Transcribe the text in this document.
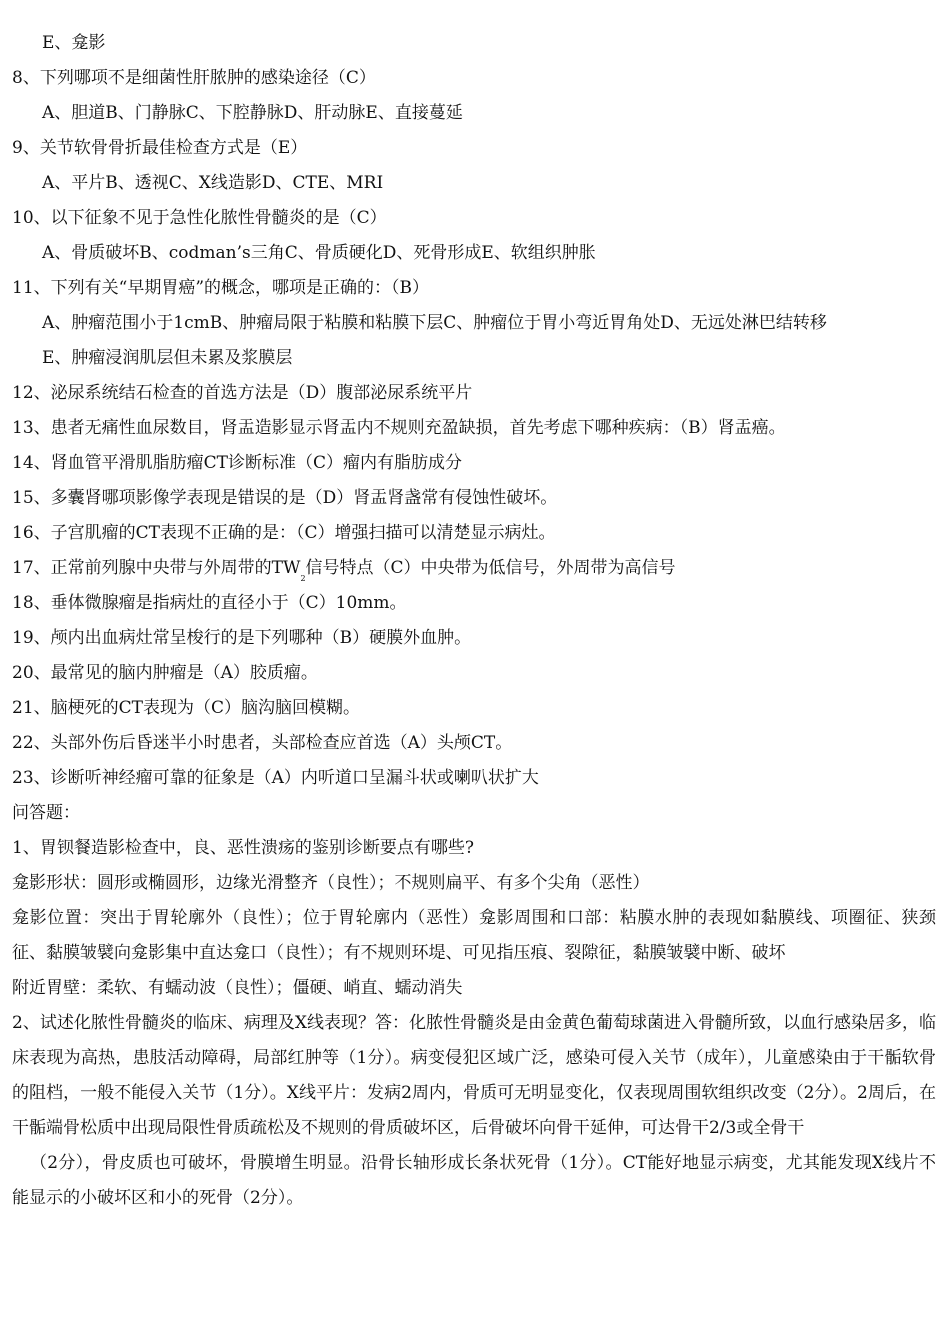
E、龛影
8、下列哪项不是细菌性肝脓肿的感染途径（C）
A、胆道B、门静脉C、下腔静脉D、肝动脉E、直接蔓延
9、关节软骨骨折最佳检查方式是（E）
A、平片B、透视C、X线造影D、CTE、MRI
10、以下征象不见于急性化脓性骨髓炎的是（C）
A、骨质破坏B、codman’s三角C、骨质硬化D、死骨形成E、软组织肿胀
11、下列有关“早期胃癌”的概念，哪项是正确的：（B）
A、肿瘤范围小于1cmB、肿瘤局限于粘膜和粘膜下层C、肿瘤位于胃小弯近胃角处D、无远处淋巴结转移
E、肿瘤浸润肌层但未累及浆膜层
12、泌尿系统结石检查的首选方法是（D）腹部泌尿系统平片
13、患者无痛性血尿数目，肾盂造影显示肾盂内不规则充盈缺损，首先考虑下哪种疾病：（B）肾盂癌。
14、肾血管平滑肌脂肪瘤CT诊断标准（C）瘤内有脂肪成分
15、多囊肾哪项影像学表现是错误的是（D）肾盂肾盏常有侵蚀性破坏。
16、子宫肌瘤的CT表现不正确的是：（C）增强扫描可以清楚显示病灶。
17、正常前列腺中央带与外周带的$TW_2$信号特点（C）中央带为低信号，外周带为高信号
18、垂体微腺瘤是指病灶的直径小于（C）10mm。
19、颅内出血病灶常呈梭行的是下列哪种（B）硬膜外血肿。
20、最常见的脑内肿瘤是（A）胶质瘤。
21、脑梗死的CT表现为（C）脑沟脑回模糊。
22、头部外伤后昏迷半小时患者，头部检查应首选（A）头颅CT。
23、诊断听神经瘤可靠的征象是（A）内听道口呈漏斗状或喇叭状扩大
问答题：
1、胃钡餐造影检查中，良、恶性溃疡的鉴别诊断要点有哪些?
龛影形状：圆形或椭圆形，边缘光滑整齐（良性）；不规则扁平、有多个尖角（恶性）
龛影位置：突出于胃轮廓外（良性）；位于胃轮廓内（恶性）龛影周围和口部：粘膜水肿的表现如黏膜线、项圈征、狭颈征、黏膜皱襞向龛影集中直达龛口（良性）；有不规则环堤、可见指压痕、裂隙征，黏膜皱襞中断、破坏
附近胃壁：柔软、有蠕动波（良性）；僵硬、峭直、蠕动消失
2、试述化脓性骨髓炎的临床、病理及X线表现？答：化脓性骨髓炎是由金黄色葡萄球菌进入骨髓所致，以血行感染居多，临床表现为高热，患肢活动障碍，局部红肿等（1分）。病变侵犯区域广泛，感染可侵入关节（成年），儿童感染由于干骺软骨的阻档，一般不能侵入关节（1分）。X线平片：发病2周内，骨质可无明显变化，仅表现周围软组织改变（2分）。2周后，在干骺端骨松质中出现局限性骨质疏松及不规则的骨质破坏区，后骨破坏向骨干延伸，可达骨干2/3或全骨干
（2分），骨皮质也可破坏，骨膜增生明显。沿骨长轴形成长条状死骨（1分）。CT能好地显示病变，尤其能发现X线片不能显示的小破坏区和小的死骨（2分）。
